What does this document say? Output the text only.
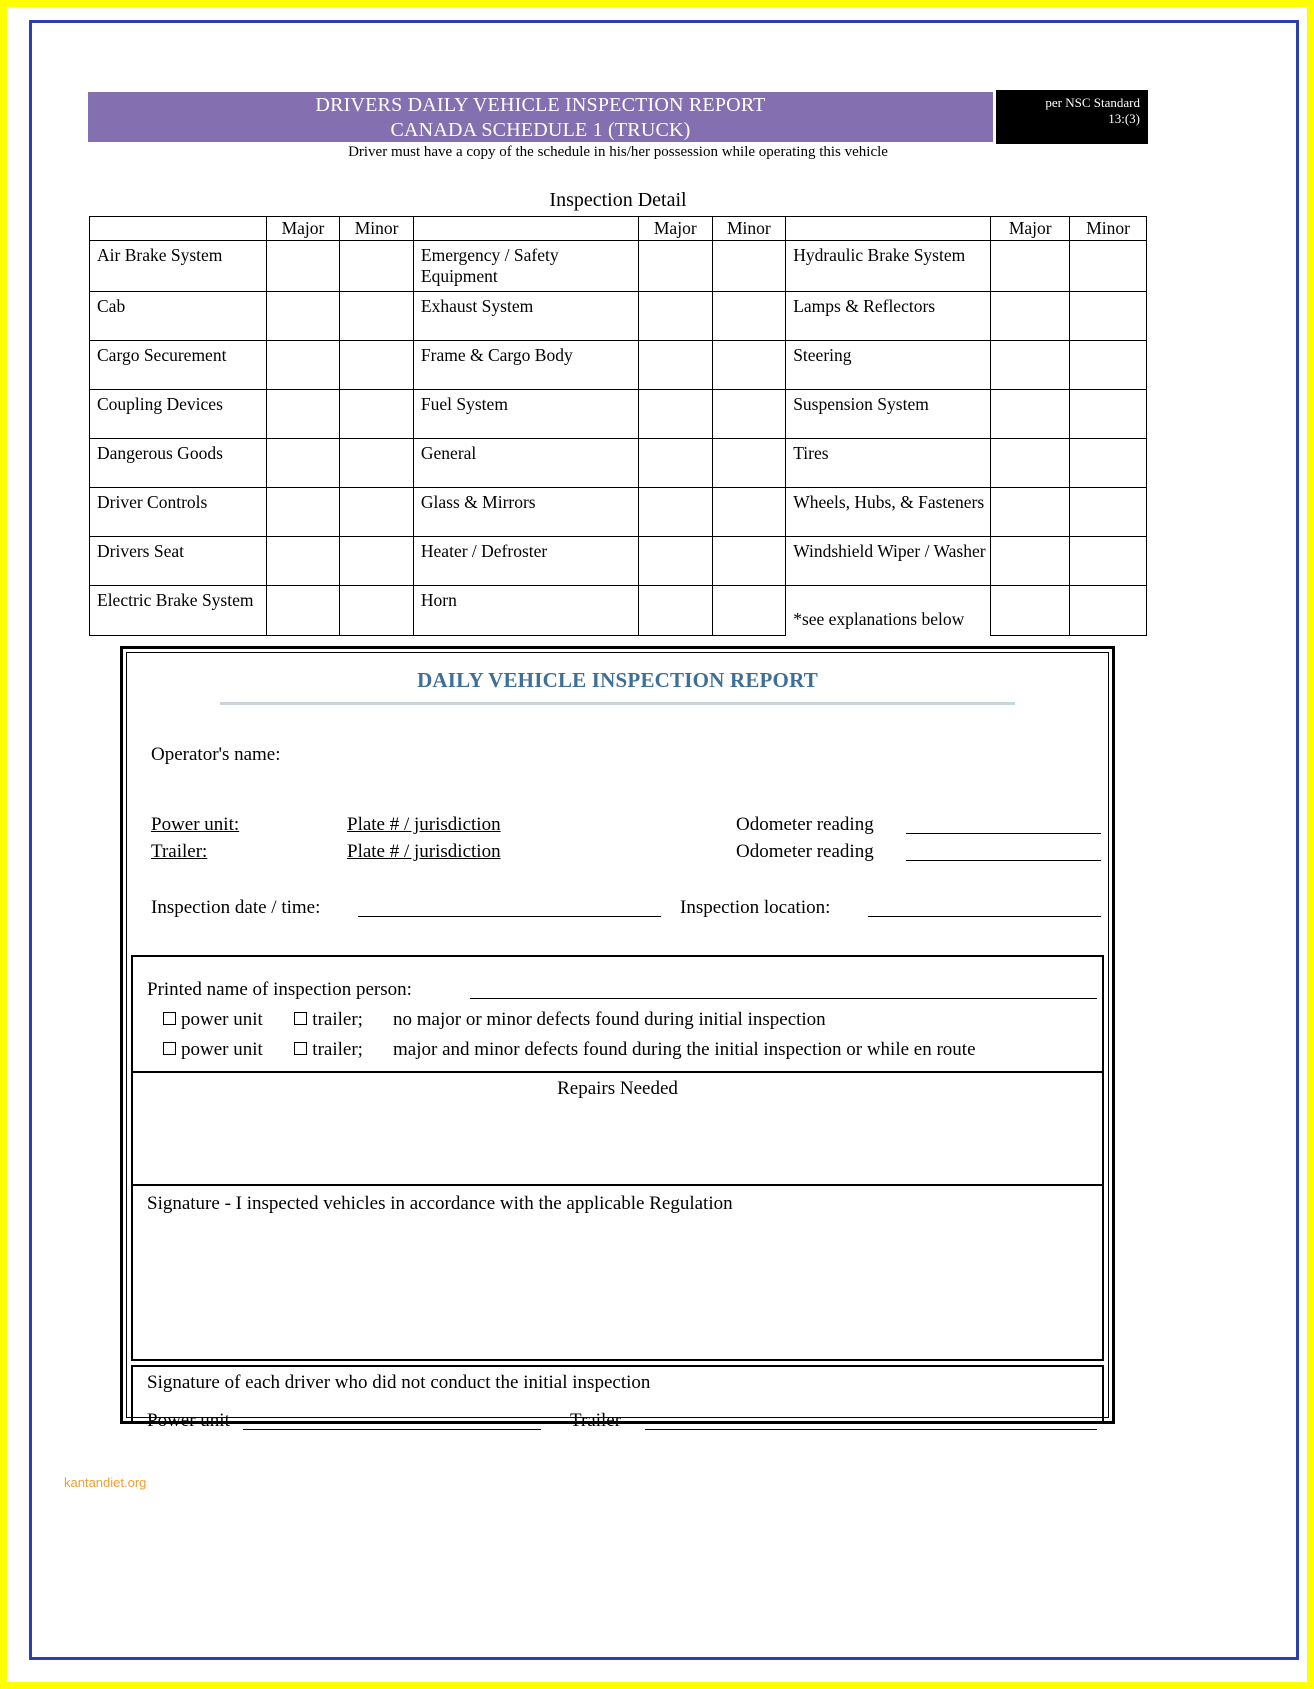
DRIVERS DAILY VEHICLE INSPECTION REPORT
CANADA SCHEDULE 1 (TRUCK)
per NSC Standard
13:(3)
Driver must have a copy of the schedule in his/her possession while operating this vehicle
Inspection Detail
	Major	Minor		Major	Minor		Major	Minor
Air Brake System			Emergency / Safety Equipment			Hydraulic Brake System		
Cab			Exhaust System			Lamps & Reflectors		
Cargo Securement			Frame & Cargo Body			Steering		
Coupling Devices			Fuel System			Suspension System		
Dangerous Goods			General			Tires		
Driver Controls			Glass & Mirrors			Wheels, Hubs, & Fasteners		
Drivers Seat			Heater / Defroster			Windshield Wiper / Washer		
Electric Brake System			Horn			*see explanations below		
DAILY VEHICLE INSPECTION REPORT
Operator's name:
Power unit:	Plate # / jurisdiction	Odometer reading
Trailer:	Plate # / jurisdiction	Odometer reading
Inspection date / time:	Inspection location:
Printed name of inspection person:
power unit	trailer; no major or minor defects found during initial inspection
power unit	trailer; major and minor defects found during the initial inspection or while en route
Repairs Needed
Signature - I inspected vehicles in accordance with the applicable Regulation
Signature of each driver who did not conduct the initial inspection
Power unit	Trailer
kantandiet.org
